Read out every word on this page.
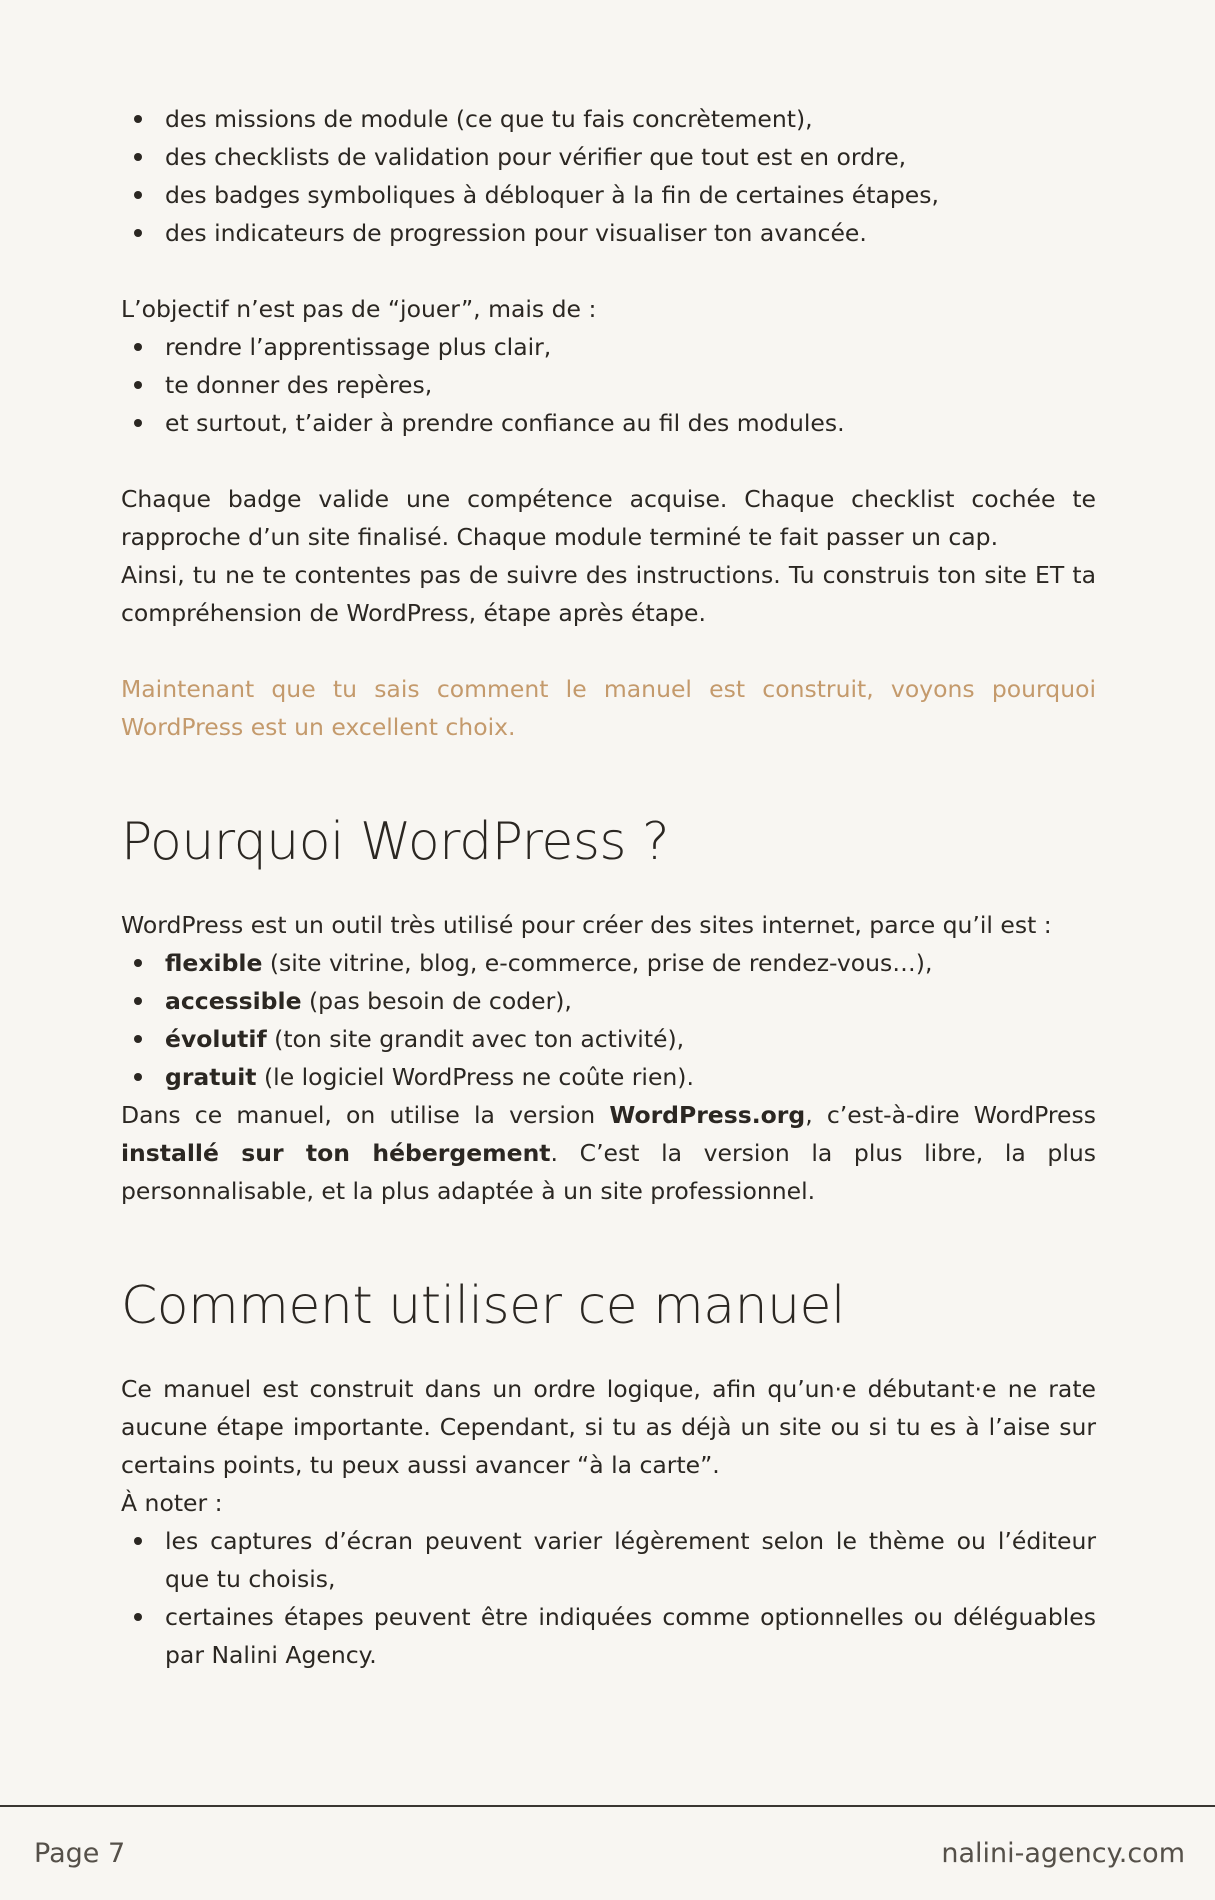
des missions de module (ce que tu fais concrètement),
des checklists de validation pour vérifier que tout est en ordre,
des badges symboliques à débloquer à la fin de certaines étapes,
des indicateurs de progression pour visualiser ton avancée.

L’objectif n’est pas de “jouer”, mais de :

rendre l’apprentissage plus clair,
te donner des repères,
et surtout, t’aider à prendre confiance au fil des modules.

Chaque badge valide une compétence acquise. Chaque checklist cochée te rapproche d’un site finalisé. Chaque module terminé te fait passer un cap.

Ainsi, tu ne te contentes pas de suivre des instructions. Tu construis ton site ET ta compréhension de WordPress, étape après étape.

Maintenant que tu sais comment le manuel est construit, voyons pourquoi WordPress est un excellent choix.

Pourquoi WordPress ?

WordPress est un outil très utilisé pour créer des sites internet, parce qu’il est :

flexible (site vitrine, blog, e-commerce, prise de rendez-vous…),
accessible (pas besoin de coder),
évolutif (ton site grandit avec ton activité),
gratuit (le logiciel WordPress ne coûte rien).

Dans ce manuel, on utilise la version WordPress.org, c’est-à-dire WordPress installé sur ton hébergement. C’est la version la plus libre, la plus personnalisable, et la plus adaptée à un site professionnel.

Comment utiliser ce manuel

Ce manuel est construit dans un ordre logique, afin qu’un·e débutant·e ne rate aucune étape importante. Cependant, si tu as déjà un site ou si tu es à l’aise sur certains points, tu peux aussi avancer “à la carte”.

À noter :

les captures d’écran peuvent varier légèrement selon le thème ou l’éditeur que tu choisis,
certaines étapes peuvent être indiquées comme optionnelles ou déléguables par Nalini Agency.
Page 7	nalini-agency.com
